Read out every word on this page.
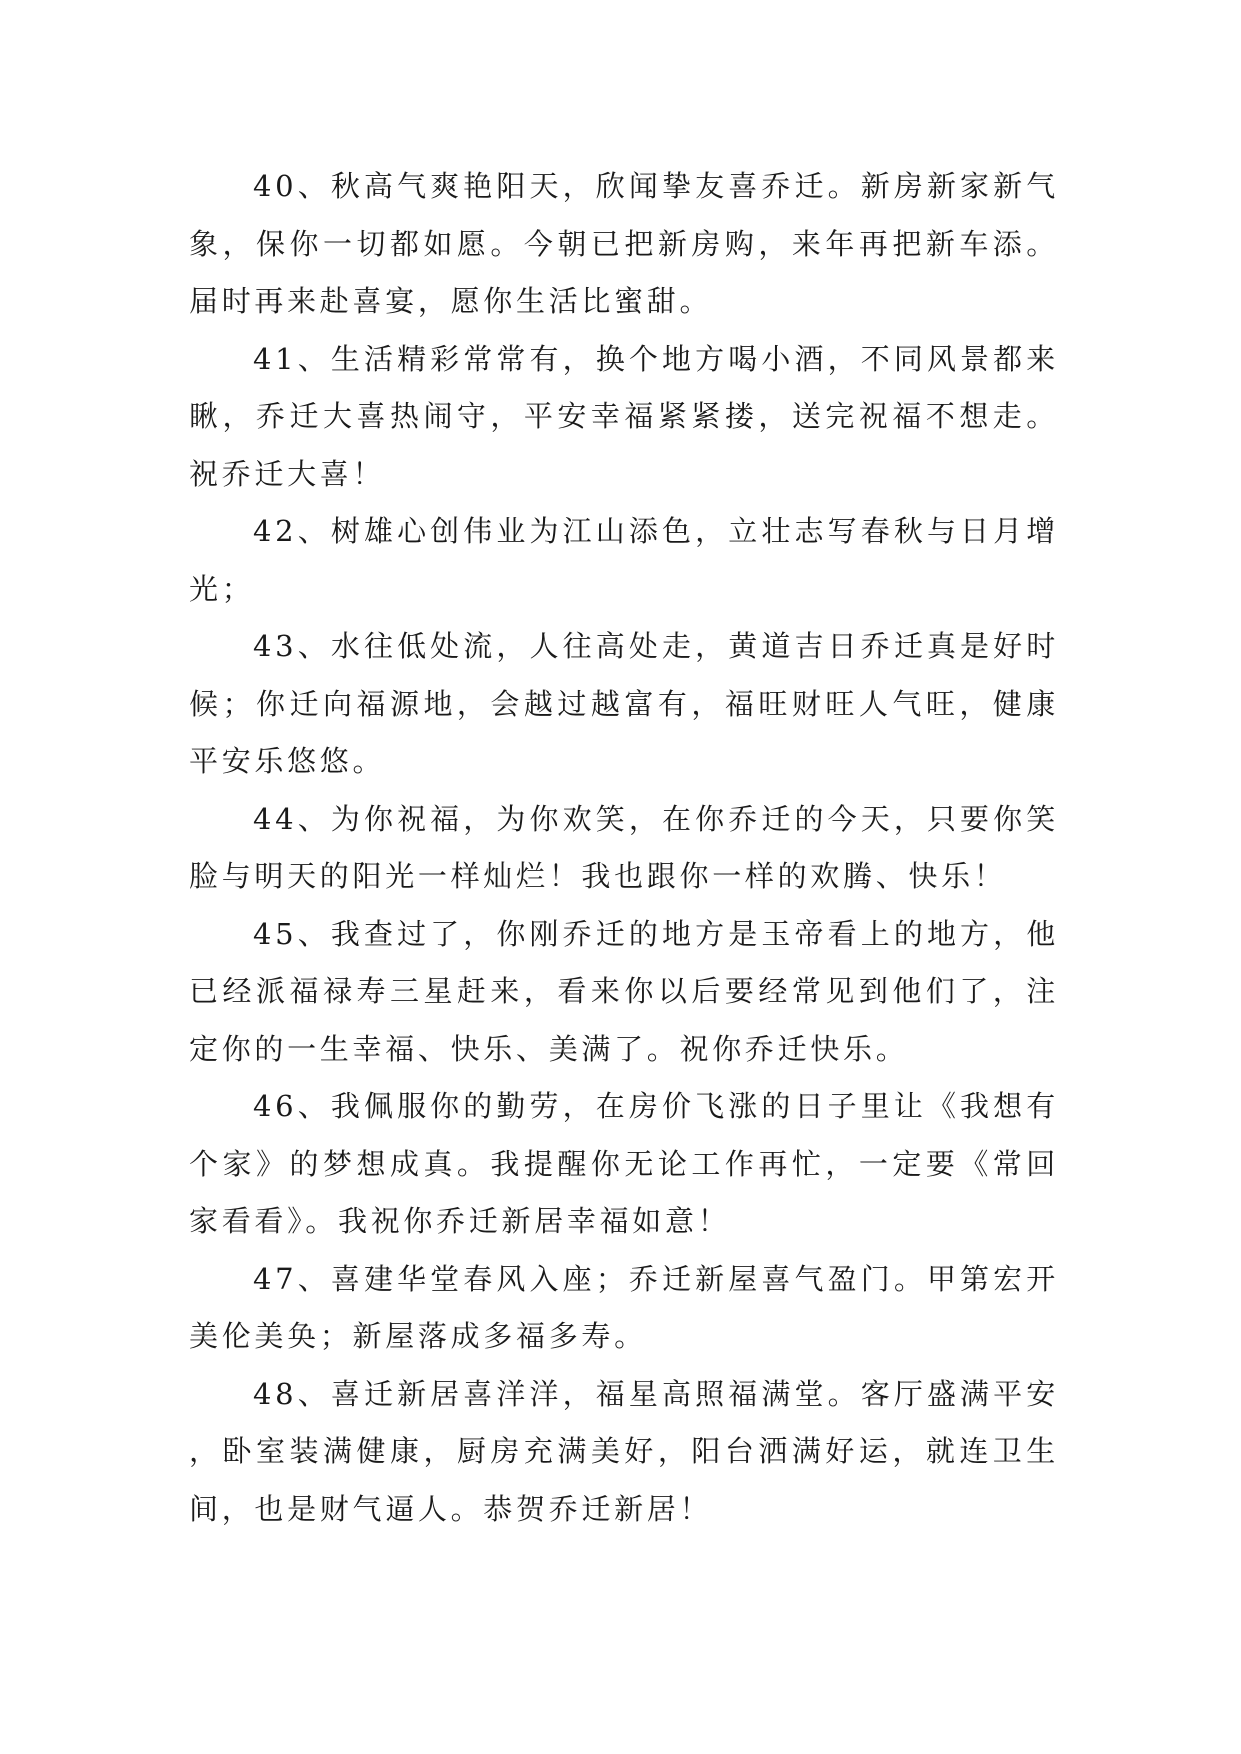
40、秋高气爽艳阳天，欣闻挚友喜乔迁。新房新家新气象，保你一切都如愿。今朝已把新房购，来年再把新车添。届时再来赴喜宴，愿你生活比蜜甜。

41、生活精彩常常有，换个地方喝小酒，不同风景都来瞅，乔迁大喜热闹守，平安幸福紧紧搂，送完祝福不想走。祝乔迁大喜！

42、树雄心创伟业为江山添色，立壮志写春秋与日月增光；

43、水往低处流，人往高处走，黄道吉日乔迁真是好时候；你迁向福源地，会越过越富有，福旺财旺人气旺，健康平安乐悠悠。

44、为你祝福，为你欢笑，在你乔迁的今天，只要你笑脸与明天的阳光一样灿烂！我也跟你一样的欢腾、快乐！

45、我查过了，你刚乔迁的地方是玉帝看上的地方，他已经派福禄寿三星赶来，看来你以后要经常见到他们了，注定你的一生幸福、快乐、美满了。祝你乔迁快乐。

46、我佩服你的勤劳，在房价飞涨的日子里让《我想有个家》的梦想成真。我提醒你无论工作再忙，一定要《常回家看看》。我祝你乔迁新居幸福如意！

47、喜建华堂春风入座；乔迁新屋喜气盈门。甲第宏开美伦美奂；新屋落成多福多寿。

48、喜迁新居喜洋洋，福星高照福满堂。客厅盛满平安，卧室装满健康，厨房充满美好，阳台洒满好运，就连卫生间，也是财气逼人。恭贺乔迁新居！
